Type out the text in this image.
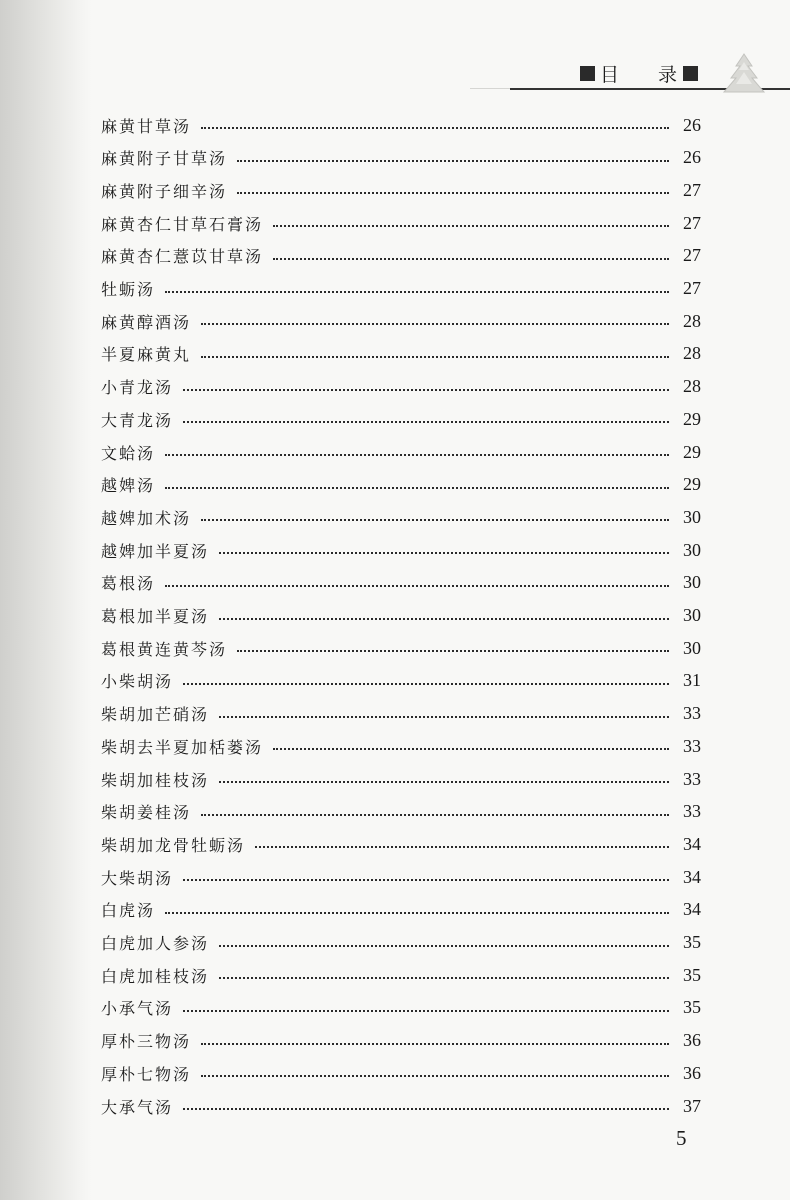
目 录
麻黄甘草汤	26
麻黄附子甘草汤	26
麻黄附子细辛汤	27
麻黄杏仁甘草石膏汤	27
麻黄杏仁薏苡甘草汤	27
牡蛎汤	27
麻黄醇酒汤	28
半夏麻黄丸	28
小青龙汤	28
大青龙汤	29
文蛤汤	29
越婢汤	29
越婢加术汤	30
越婢加半夏汤	30
葛根汤	30
葛根加半夏汤	30
葛根黄连黄芩汤	30
小柴胡汤	31
柴胡加芒硝汤	33
柴胡去半夏加栝蒌汤	33
柴胡加桂枝汤	33
柴胡姜桂汤	33
柴胡加龙骨牡蛎汤	34
大柴胡汤	34
白虎汤	34
白虎加人参汤	35
白虎加桂枝汤	35
小承气汤	35
厚朴三物汤	36
厚朴七物汤	36
大承气汤	37
5
